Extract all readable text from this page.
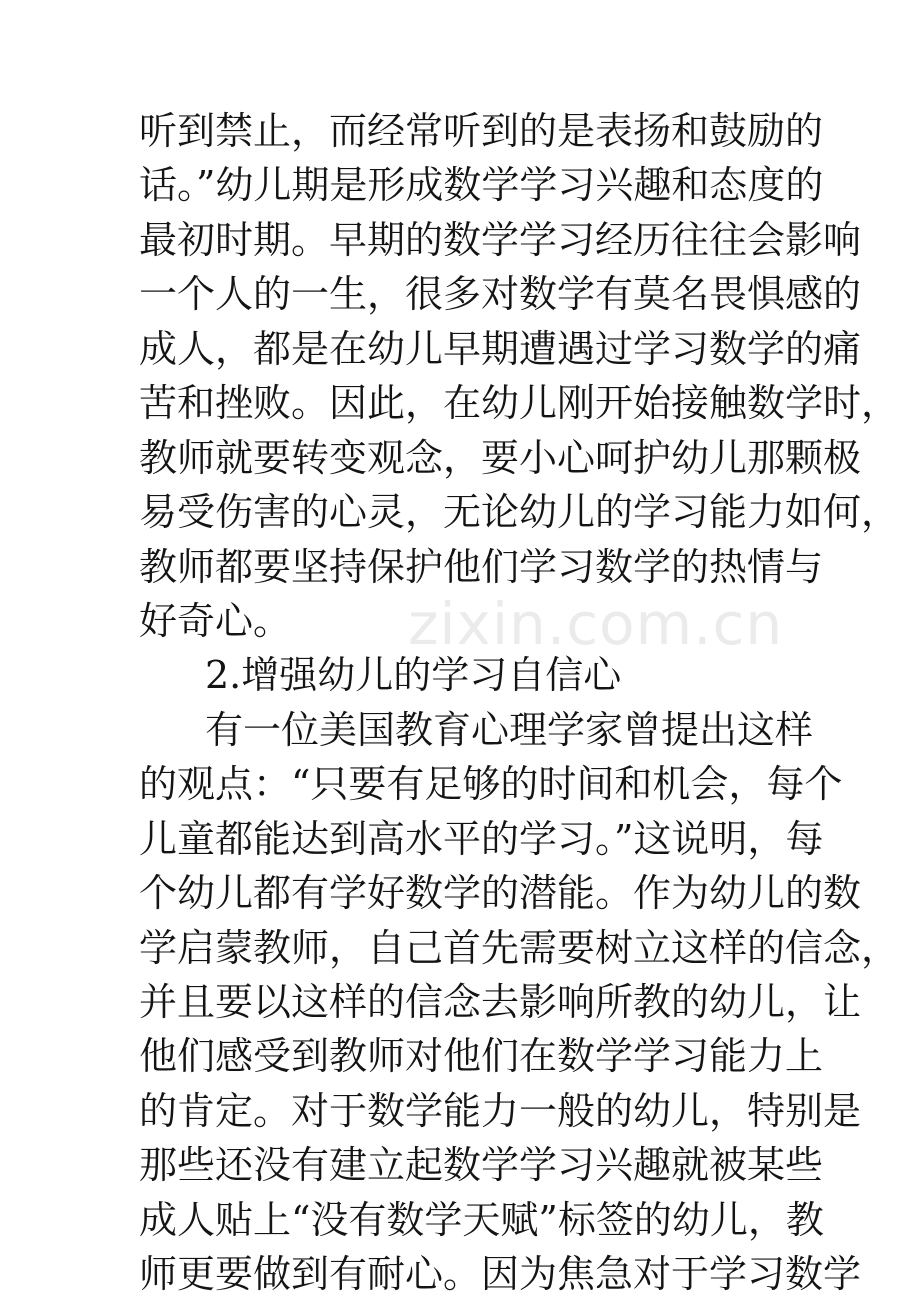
听到禁止，而经常听到的是表扬和鼓励的
话。”幼儿期是形成数学学习兴趣和态度的
最初时期。早期的数学学习经历往往会影响
一个人的一生，很多对数学有莫名畏惧感的
成人，都是在幼儿早期遭遇过学习数学的痛
苦和挫败。因此，在幼儿刚开始接触数学时，
教师就要转变观念，要小心呵护幼儿那颗极
易受伤害的心灵，无论幼儿的学习能力如何，
教师都要坚持保护他们学习数学的热情与
好奇心。
2.增强幼儿的学习自信心
有一位美国教育心理学家曾提出这样
的观点：“只要有足够的时间和机会，每个
儿童都能达到高水平的学习。”这说明，每
个幼儿都有学好数学的潜能。作为幼儿的数
学启蒙教师，自己首先需要树立这样的信念，
并且要以这样的信念去影响所教的幼儿，让
他们感受到教师对他们在数学学习能力上
的肯定。对于数学能力一般的幼儿，特别是
那些还没有建立起数学学习兴趣就被某些
成人贴上“没有数学天赋”标签的幼儿，教
师更要做到有耐心。因为焦急对于学习数学
zixin.com.cn
